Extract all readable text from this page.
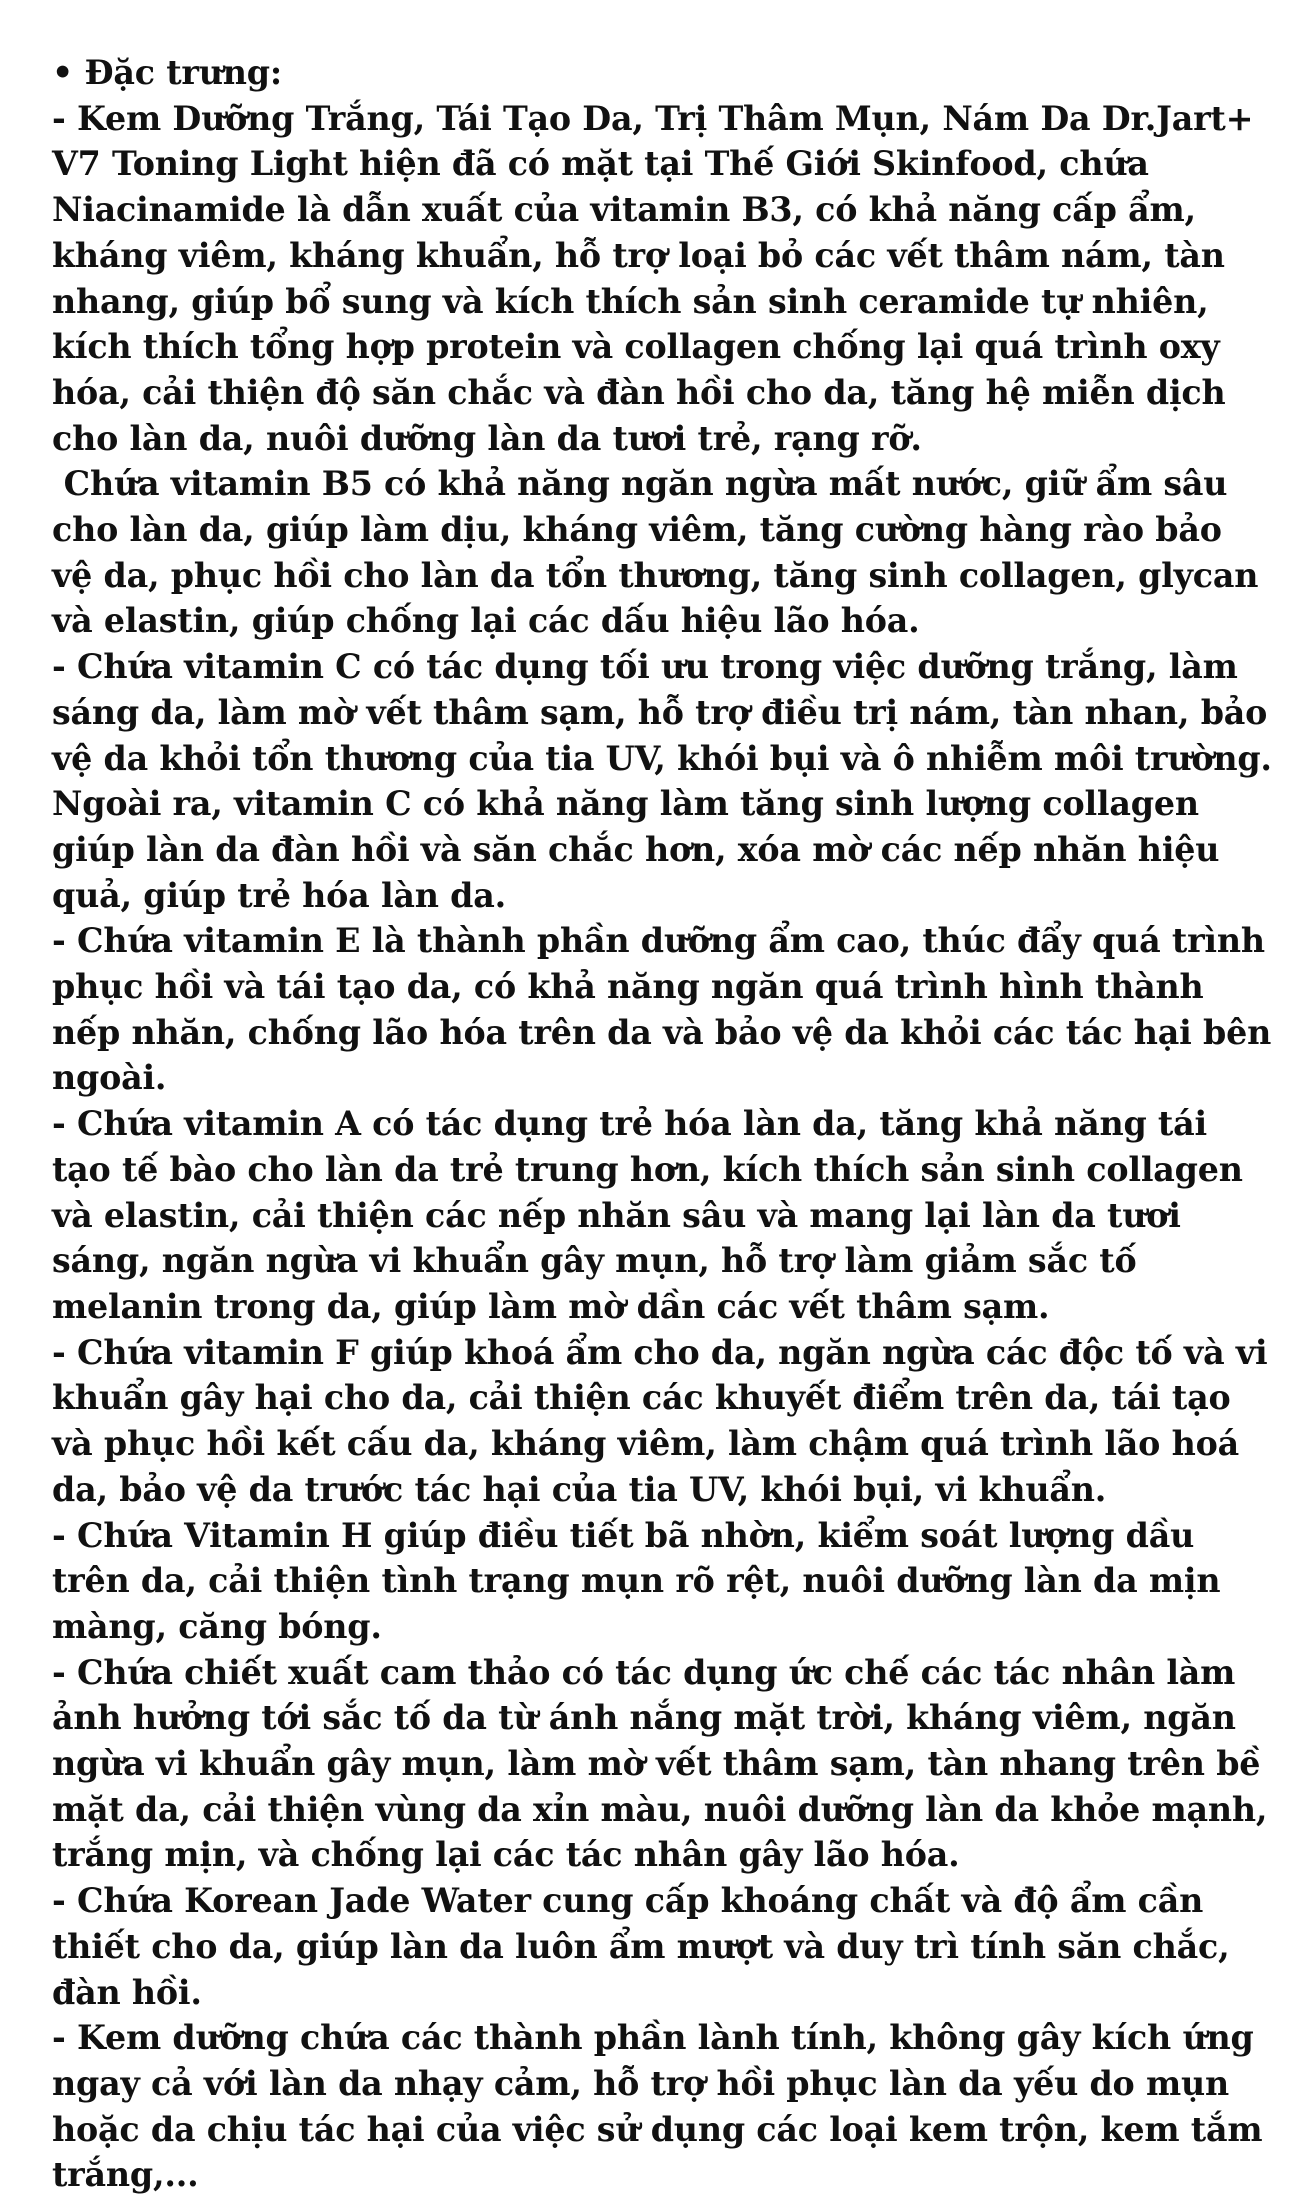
• Đặc trưng:

- Kem Dưỡng Trắng, Tái Tạo Da, Trị Thâm Mụn, Nám Da Dr.Jart+ V7 Toning Light hiện đã có mặt tại Thế Giới Skinfood, chứa Niacinamide là dẫn xuất của vitamin B3, có khả năng cấp ẩm, kháng viêm, kháng khuẩn, hỗ trợ loại bỏ các vết thâm nám, tàn nhang, giúp bổ sung và kích thích sản sinh ceramide tự nhiên, kích thích tổng hợp protein và collagen chống lại quá trình oxy hóa, cải thiện độ săn chắc và đàn hồi cho da, tăng hệ miễn dịch cho làn da, nuôi dưỡng làn da tươi trẻ, rạng rỡ.

Chứa vitamin B5 có khả năng ngăn ngừa mất nước, giữ ẩm sâu cho làn da, giúp làm dịu, kháng viêm, tăng cường hàng rào bảo vệ da, phục hồi cho làn da tổn thương, tăng sinh collagen, glycan và elastin, giúp chống lại các dấu hiệu lão hóa.

- Chứa vitamin C có tác dụng tối ưu trong việc dưỡng trắng, làm sáng da, làm mờ vết thâm sạm, hỗ trợ điều trị nám, tàn nhan, bảo vệ da khỏi tổn thương của tia UV, khói bụi và ô nhiễm môi trường. Ngoài ra, vitamin C có khả năng làm tăng sinh lượng collagen giúp làn da đàn hồi và săn chắc hơn, xóa mờ các nếp nhăn hiệu quả, giúp trẻ hóa làn da.

- Chứa vitamin E là thành phần dưỡng ẩm cao, thúc đẩy quá trình phục hồi và tái tạo da, có khả năng ngăn quá trình hình thành nếp nhăn, chống lão hóa trên da và bảo vệ da khỏi các tác hại bên ngoài.

- Chứa vitamin A có tác dụng trẻ hóa làn da, tăng khả năng tái tạo tế bào cho làn da trẻ trung hơn, kích thích sản sinh collagen và elastin, cải thiện các nếp nhăn sâu và mang lại làn da tươi sáng, ngăn ngừa vi khuẩn gây mụn, hỗ trợ làm giảm sắc tố melanin trong da, giúp làm mờ dần các vết thâm sạm.

- Chứa vitamin F giúp khoá ẩm cho da, ngăn ngừa các độc tố và vi khuẩn gây hại cho da, cải thiện các khuyết điểm trên da, tái tạo và phục hồi kết cấu da, kháng viêm, làm chậm quá trình lão hoá da, bảo vệ da trước tác hại của tia UV, khói bụi, vi khuẩn.

- Chứa Vitamin H giúp điều tiết bã nhờn, kiểm soát lượng dầu trên da, cải thiện tình trạng mụn rõ rệt, nuôi dưỡng làn da mịn màng, căng bóng.

- Chứa chiết xuất cam thảo có tác dụng ức chế các tác nhân làm ảnh hưởng tới sắc tố da từ ánh nắng mặt trời, kháng viêm, ngăn ngừa vi khuẩn gây mụn, làm mờ vết thâm sạm, tàn nhang trên bề mặt da, cải thiện vùng da xỉn màu, nuôi dưỡng làn da khỏe mạnh, trắng mịn, và chống lại các tác nhân gây lão hóa.

- Chứa Korean Jade Water cung cấp khoáng chất và độ ẩm cần thiết cho da, giúp làn da luôn ẩm mượt và duy trì tính săn chắc, đàn hồi.

- Kem dưỡng chứa các thành phần lành tính, không gây kích ứng ngay cả với làn da nhạy cảm, hỗ trợ hồi phục làn da yếu do mụn hoặc da chịu tác hại của việc sử dụng các loại kem trộn, kem tắm trắng,...
